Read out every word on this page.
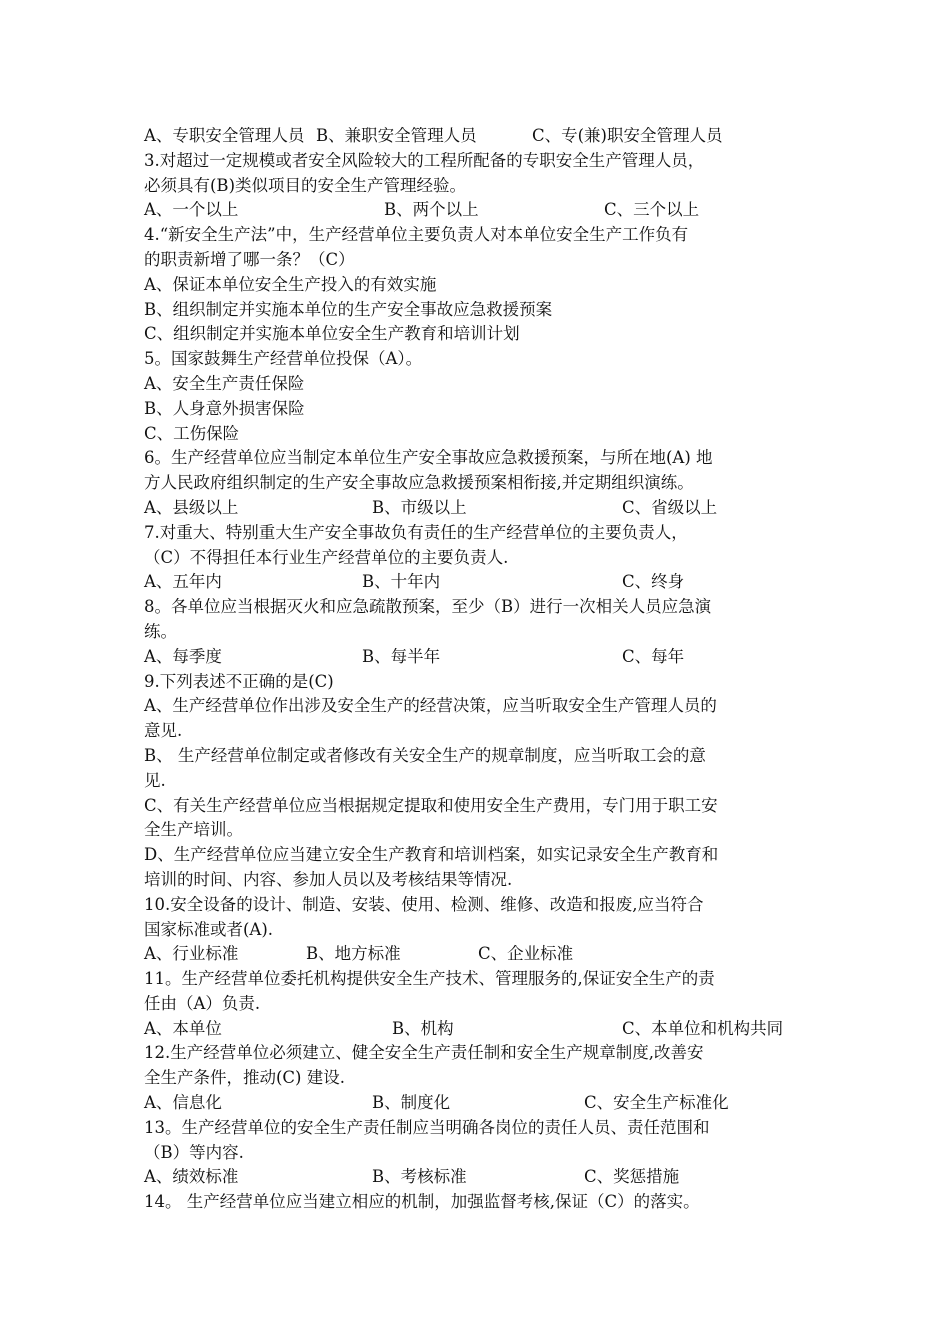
A、专职安全管理人员 B、兼职安全管理人员	C、专(兼)职安全管理人员
3.对超过一定规模或者安全风险较大的工程所配备的专职安全生产管理人员，
必须具有(B)类似项目的安全生产管理经验。
A、一个以上	B、两个以上	C、三个以上
4.“新安全生产法”中，生产经营单位主要负责人对本单位安全生产工作负有
的职责新增了哪一条？（C）
A、保证本单位安全生产投入的有效实施
B、组织制定并实施本单位的生产安全事故应急救援预案
C、组织制定并实施本单位安全生产教育和培训计划
5。国家鼓舞生产经营单位投保（A）。
A、安全生产责任保险
B、人身意外损害保险
C、工伤保险
6。生产经营单位应当制定本单位生产安全事故应急救援预案，与所在地(A) 地
方人民政府组织制定的生产安全事故应急救援预案相衔接,并定期组织演练。
A、县级以上	B、市级以上	C、省级以上
7.对重大、特别重大生产安全事故负有责任的生产经营单位的主要负责人，
（C）不得担任本行业生产经营单位的主要负责人.
A、五年内	B、十年内	C、终身
8。各单位应当根据灭火和应急疏散预案，至少（B）进行一次相关人员应急演
练。
A、每季度	B、每半年	C、每年
9.下列表述不正确的是(C)
A、生产经营单位作出涉及安全生产的经营决策，应当听取安全生产管理人员的
意见.
B、 生产经营单位制定或者修改有关安全生产的规章制度，应当听取工会的意
见.
C、有关生产经营单位应当根据规定提取和使用安全生产费用，专门用于职工安
全生产培训。
D、生产经营单位应当建立安全生产教育和培训档案，如实记录安全生产教育和
培训的时间、内容、参加人员以及考核结果等情况.
10.安全设备的设计、制造、安装、使用、检测、维修、改造和报废,应当符合
国家标准或者(A).
A、行业标准	B、地方标准	C、企业标准
11。生产经营单位委托机构提供安全生产技术、管理服务的,保证安全生产的责
任由（A）负责.
A、本单位	B、机构	C、本单位和机构共同
12.生产经营单位必须建立、健全安全生产责任制和安全生产规章制度,改善安
全生产条件，推动(C) 建设.
A、信息化	B、制度化	C、安全生产标准化
13。生产经营单位的安全生产责任制应当明确各岗位的责任人员、责任范围和
（B）等内容.
A、绩效标准	B、考核标准	C、奖惩措施
14。 生产经营单位应当建立相应的机制，加强监督考核,保证（C）的落实。
